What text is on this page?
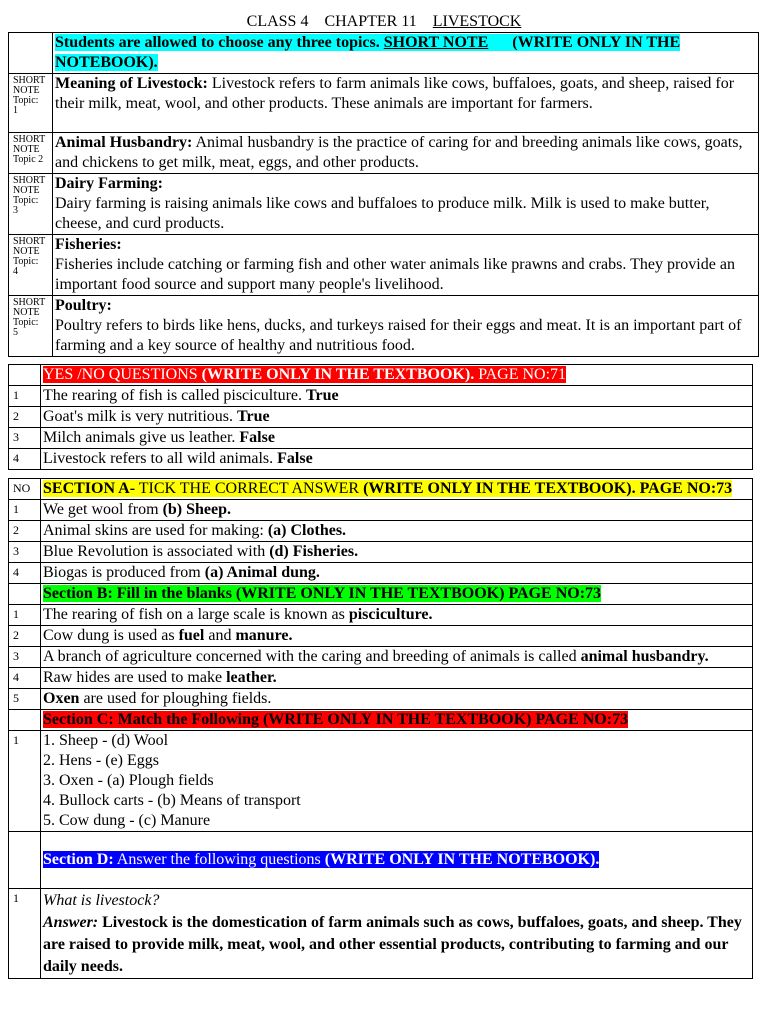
CLASS 4 CHAPTER 11 LIVESTOCK
	Students are allowed to choose any three topics. SHORT NOTE (WRITE ONLY IN THE NOTEBOOK).

SHORT
NOTE
Topic:
1	Meaning of Livestock: Livestock refers to farm animals like cows, buffaloes, goats, and sheep, raised for their milk, meat, wool, and other products. These animals are important for farmers.

SHORT
NOTE
Topic 2	Animal Husbandry: Animal husbandry is the practice of caring for and breeding animals like cows, goats, and chickens to get milk, meat, eggs, and other products.

SHORT
NOTE
Topic:
3	Dairy Farming:
Dairy farming is raising animals like cows and buffaloes to produce milk. Milk is used to make butter, cheese, and curd products.

SHORT
NOTE
Topic:
4	Fisheries:
Fisheries include catching or farming fish and other water animals like prawns and crabs. They provide an important food source and support many people's livelihood.

SHORT
NOTE
Topic:
5	Poultry:
Poultry refers to birds like hens, ducks, and turkeys raised for their eggs and meat. It is an important part of farming and a key source of healthy and nutritious food.
	YES /NO QUESTIONS (WRITE ONLY IN THE TEXTBOOK). PAGE NO:71
1	The rearing of fish is called pisciculture. True
2	Goat's milk is very nutritious. True
3	Milch animals give us leather. False
4	Livestock refers to all wild animals. False
NO	SECTION A- TICK THE CORRECT ANSWER (WRITE ONLY IN THE TEXTBOOK). PAGE NO:73
1	We get wool from (b) Sheep.
2	Animal skins are used for making: (a) Clothes.
3	Blue Revolution is associated with (d) Fisheries.
4	Biogas is produced from (a) Animal dung.
	Section B: Fill in the blanks (WRITE ONLY IN THE TEXTBOOK) PAGE NO:73
1	The rearing of fish on a large scale is known as pisciculture.
2	Cow dung is used as fuel and manure.
3	A branch of agriculture concerned with the caring and breeding of animals is called animal husbandry.
4	Raw hides are used to make leather.
5	Oxen are used for ploughing fields.
	Section C: Match the Following (WRITE ONLY IN THE TEXTBOOK) PAGE NO:73
1	1. Sheep - (d) Wool
2. Hens - (e) Eggs
3. Oxen - (a) Plough fields
4. Bullock carts - (b) Means of transport
5. Cow dung - (c) Manure

	Section D: Answer the following questions (WRITE ONLY IN THE NOTEBOOK).
1	What is livestock?
Answer: Livestock is the domestication of farm animals such as cows, buffaloes, goats, and sheep. They are raised to provide milk, meat, wool, and other essential products, contributing to farming and our daily needs.
